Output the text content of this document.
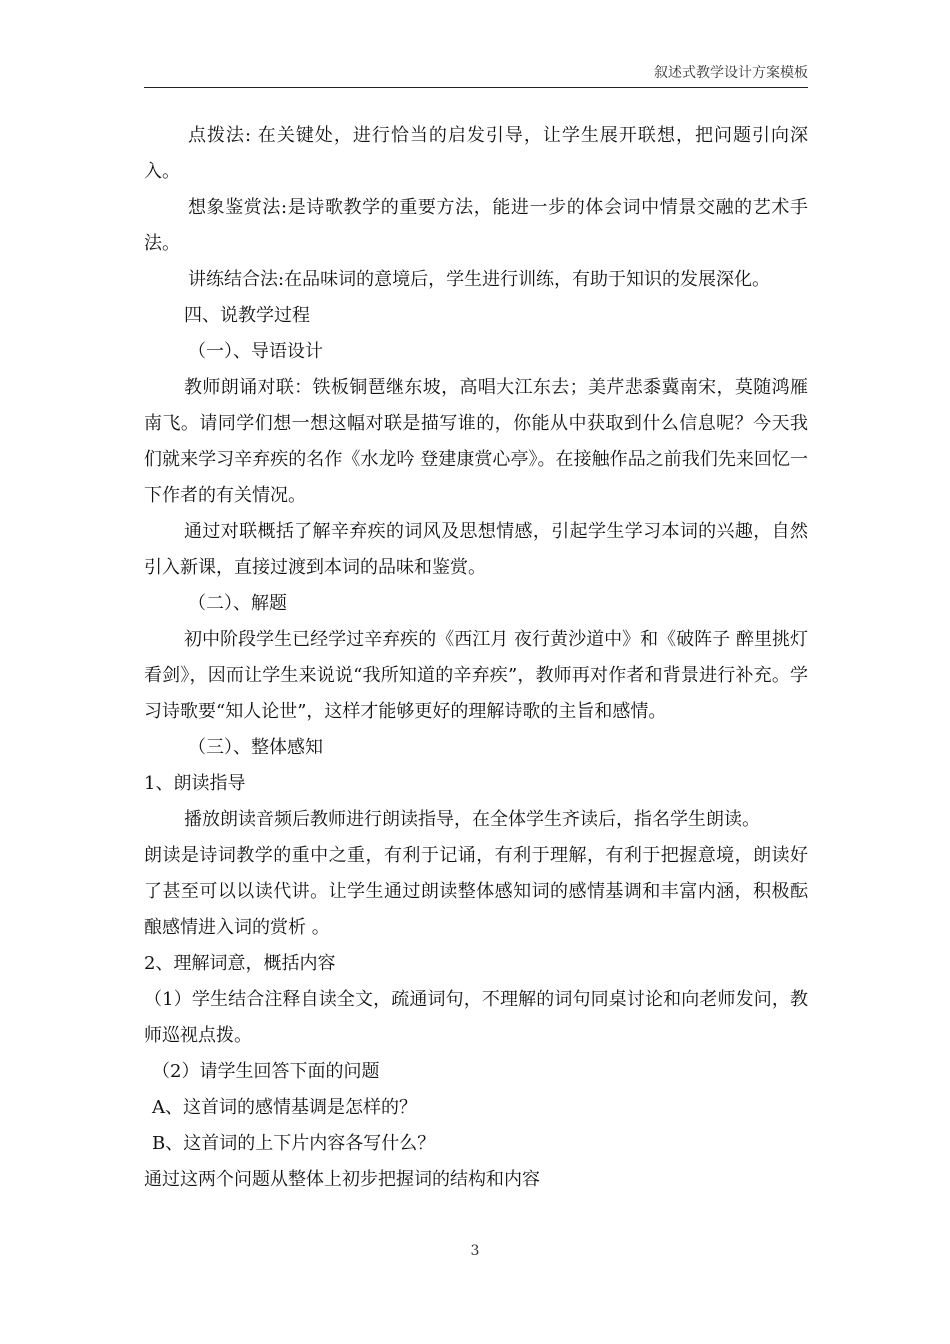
叙述式教学设计方案模板

点拨法: 在关键处，进行恰当的启发引导，让学生展开联想，把问题引向深入。

想象鉴赏法:是诗歌教学的重要方法，能进一步的体会词中情景交融的艺术手法。

讲练结合法:在品味词的意境后，学生进行训练，有助于知识的发展深化。

四、说教学过程

（一）、导语设计

教师朗诵对联：铁板铜琶继东坡，高唱大江东去；美芹悲黍冀南宋，莫随鸿雁南飞。请同学们想一想这幅对联是描写谁的，你能从中获取到什么信息呢？今天我们就来学习辛弃疾的名作《水龙吟 登建康赏心亭》。在接触作品之前我们先来回忆一下作者的有关情况。

通过对联概括了解辛弃疾的词风及思想情感，引起学生学习本词的兴趣，自然引入新课，直接过渡到本词的品味和鉴赏。

（二）、解题

初中阶段学生已经学过辛弃疾的《西江月 夜行黄沙道中》和《破阵子 醉里挑灯看剑》，因而让学生来说说“我所知道的辛弃疾”，教师再对作者和背景进行补充。学习诗歌要“知人论世”，这样才能够更好的理解诗歌的主旨和感情。

（三）、整体感知

1、朗读指导

播放朗读音频后教师进行朗读指导，在全体学生齐读后，指名学生朗读。

朗读是诗词教学的重中之重，有利于记诵，有利于理解，有利于把握意境，朗读好了甚至可以以读代讲。让学生通过朗读整体感知词的感情基调和丰富内涵，积极酝酿感情进入词的赏析 。

2、理解词意，概括内容

（1）学生结合注释自读全文，疏通词句，不理解的词句同桌讨论和向老师发问，教师巡视点拨。

（2）请学生回答下面的问题

A、这首词的感情基调是怎样的？

B、这首词的上下片内容各写什么？

通过这两个问题从整体上初步把握词的结构和内容

3
